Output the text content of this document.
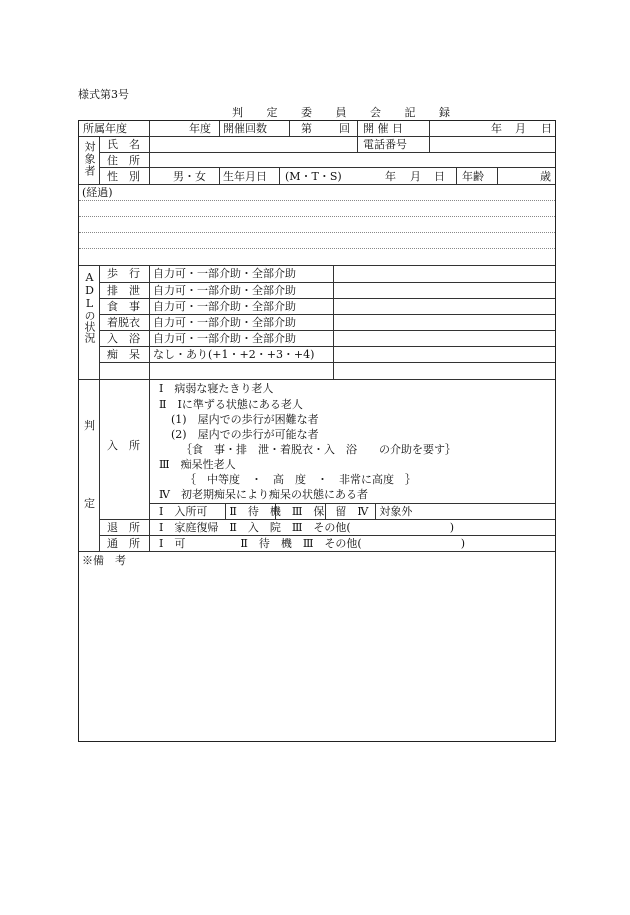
様式第3号
判 定 委 員 会 記 録
所属年度	年度 開催回数	第 回 開 催 日	年 月 日
対象者 氏　名	電話番号
住　所
性　別	男・女 生年月日 (M・T・S)	年 月 日 年齢	歳
(経過)
ADLの状況 歩　行 自力可・一部介助・全部介助
排　泄 自力可・一部介助・全部介助
食　事 自力可・一部介助・全部介助
着脱衣 自力可・一部介助・全部介助
入　浴 自力可・一部介助・全部介助
痴　呆 なし・あり(+1・+2・+3・+4)
判
定
入　所
Ⅰ　病弱な寝たきり老人
Ⅱ　Ⅰに準ずる状態にある老人
(1)　屋内での歩行が困難な者
(2)　屋内での歩行が可能な者
｛食　事・排　泄・着脱衣・入　浴　　の介助を要す｝
Ⅲ　痴呆性老人
｛　中等度　・　高　度　・　非常に高度　｝
Ⅳ　初老期痴呆により痴呆の状態にある者
Ⅰ　入所可　　Ⅱ　待　機　Ⅲ　保　留　Ⅳ　対象外
退　所 Ⅰ　家庭復帰　Ⅱ　入　院　Ⅲ　その他(　　　　　　　　　)
通　所 Ⅰ　可　　　　　Ⅱ　待　機　Ⅲ　その他(　　　　　　　　　)
※備　考
